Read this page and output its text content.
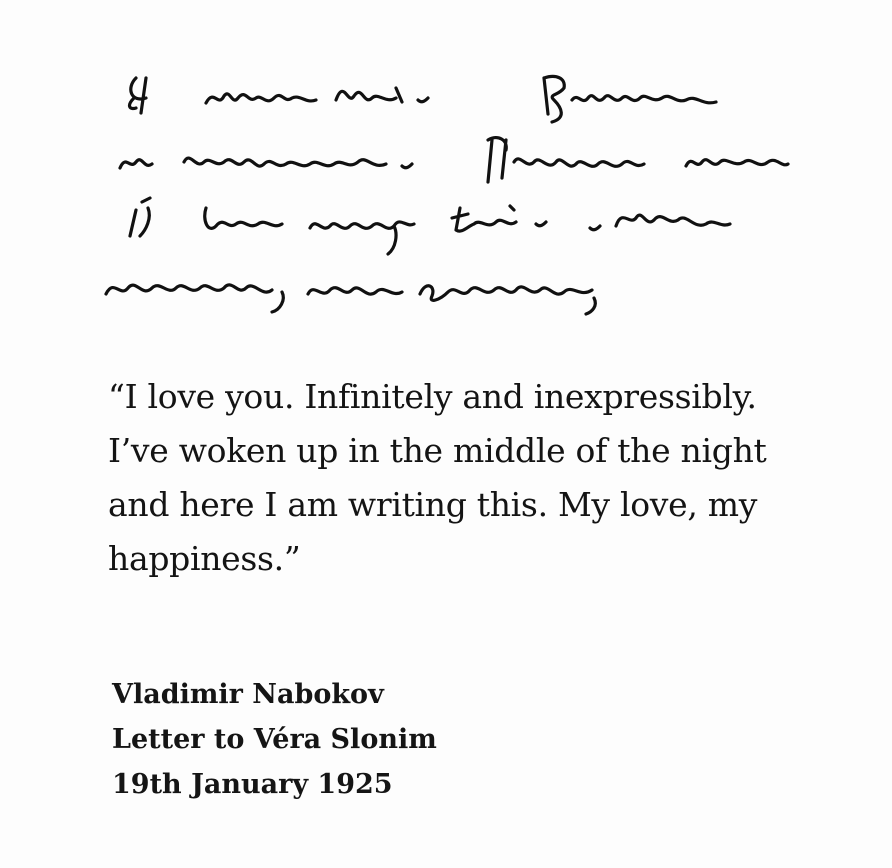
“I love you. Infinitely and inexpressibly.
I’ve woken up in the middle of the night
and here I am writing this. My love, my
happiness.”
Vladimir Nabokov
Letter to Véra Slonim
19th January 1925
